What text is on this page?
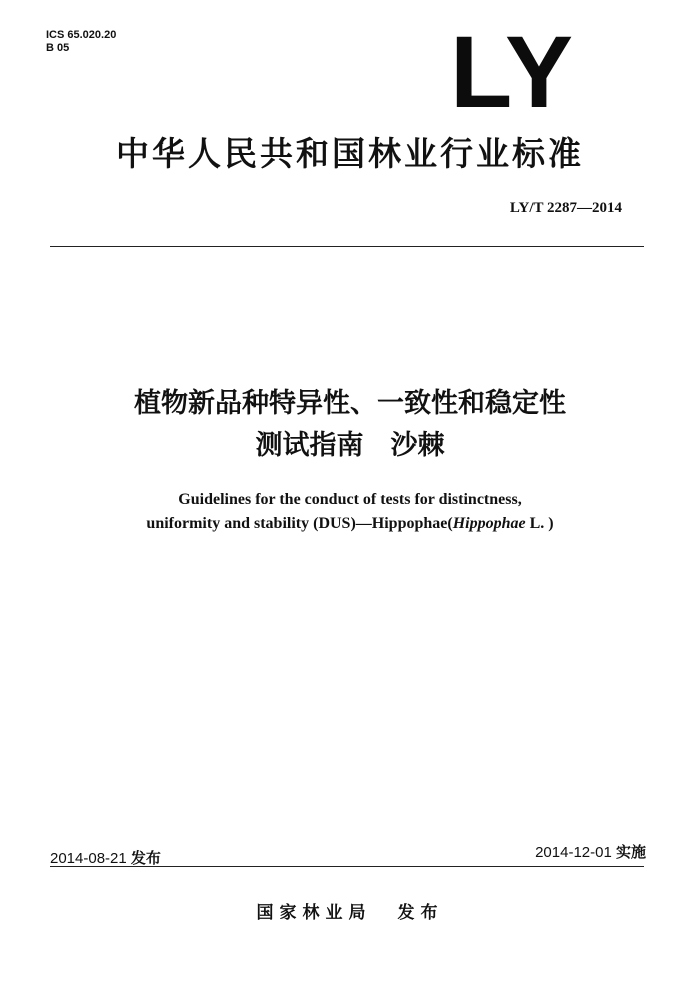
ICS 65.020.20
B 05	LY
中华人民共和国林业行业标准
LY/T 2287—2014
植物新品种特异性、一致性和稳定性
测试指南　沙棘
Guidelines for the conduct of tests for distinctness,
uniformity and stability (DUS)—Hippophae(Hippophae L. )
2014-08-21 发布	2014-12-01 实施
国家林业局 发布
